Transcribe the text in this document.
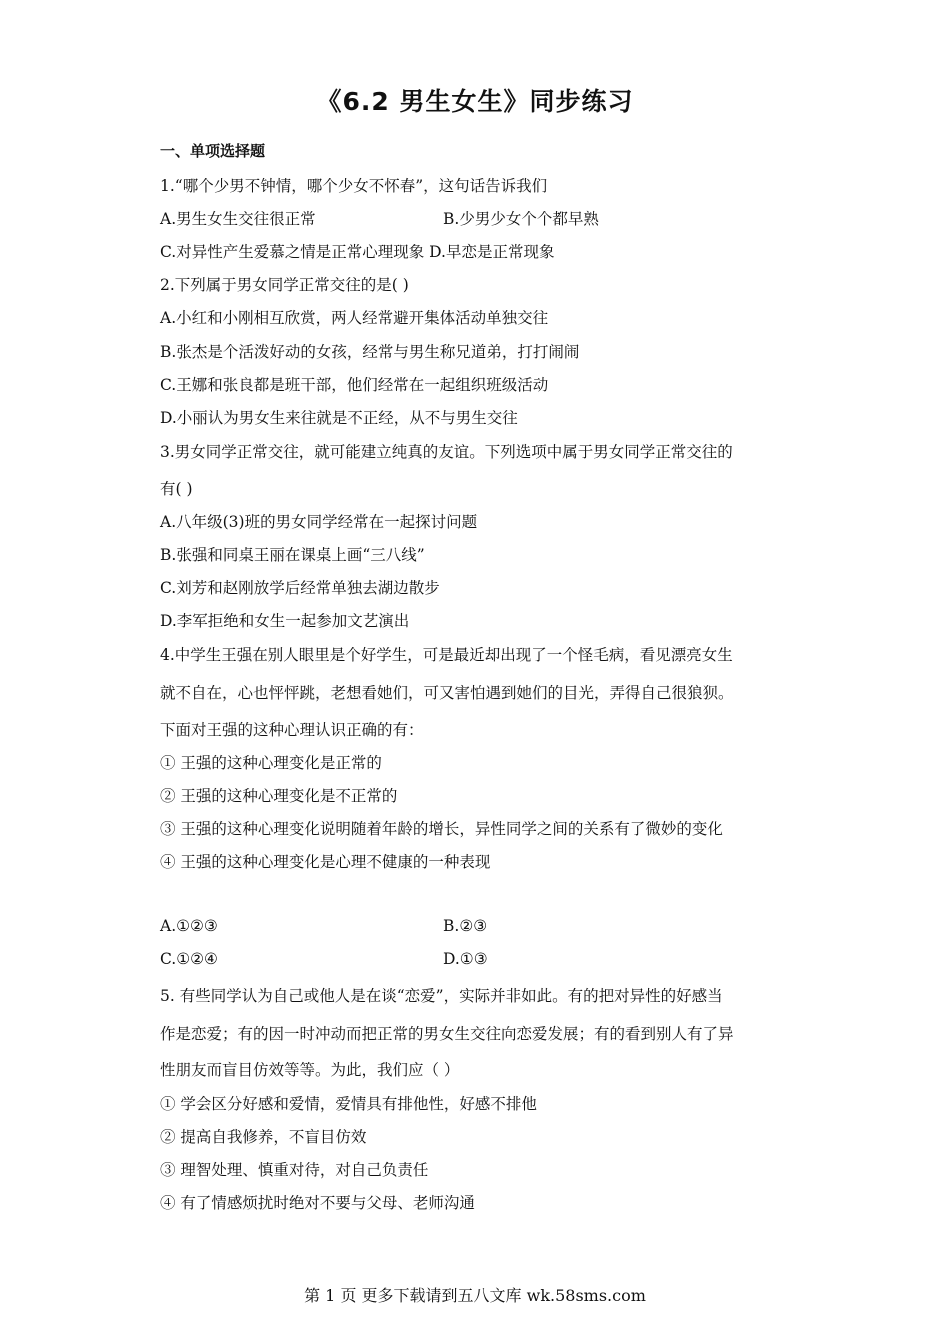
《6.2 男生女生》同步练习
一、单项选择题
1.“哪个少男不钟情，哪个少女不怀春”，这句话告诉我们
A.男生女生交往很正常	B.少男少女个个都早熟
C.对异性产生爱慕之情是正常心理现象 D.早恋是正常现象
2.下列属于男女同学正常交往的是( )
A.小红和小刚相互欣赏，两人经常避开集体活动单独交往
B.张杰是个活泼好动的女孩，经常与男生称兄道弟，打打闹闹
C.王娜和张良都是班干部，他们经常在一起组织班级活动
D.小丽认为男女生来往就是不正经，从不与男生交往
3.男女同学正常交往，就可能建立纯真的友谊。下列选项中属于男女同学正常交往的
有( )
A.八年级(3)班的男女同学经常在一起探讨问题
B.张强和同桌王丽在课桌上画“三八线”
C.刘芳和赵刚放学后经常单独去湖边散步
D.李军拒绝和女生一起参加文艺演出
4.中学生王强在别人眼里是个好学生，可是最近却出现了一个怪毛病，看见漂亮女生
就不自在，心也怦怦跳，老想看她们，可又害怕遇到她们的目光，弄得自己很狼狈。
下面对王强的这种心理认识正确的有：
① 王强的这种心理变化是正常的
② 王强的这种心理变化是不正常的
③ 王强的这种心理变化说明随着年龄的增长，异性同学之间的关系有了微妙的变化
④ 王强的这种心理变化是心理不健康的一种表现
A.①②③	B.②③
C.①②④	D.①③
5. 有些同学认为自己或他人是在谈“恋爱”，实际并非如此。有的把对异性的好感当
作是恋爱；有的因一时冲动而把正常的男女生交往向恋爱发展；有的看到别人有了异
性朋友而盲目仿效等等。为此，我们应（ ）
① 学会区分好感和爱情，爱情具有排他性，好感不排他
② 提高自我修养，不盲目仿效
③ 理智处理、慎重对待，对自己负责任
④ 有了情感烦扰时绝对不要与父母、老师沟通
第 1 页 更多下载请到五八文库 wk.58sms.com
